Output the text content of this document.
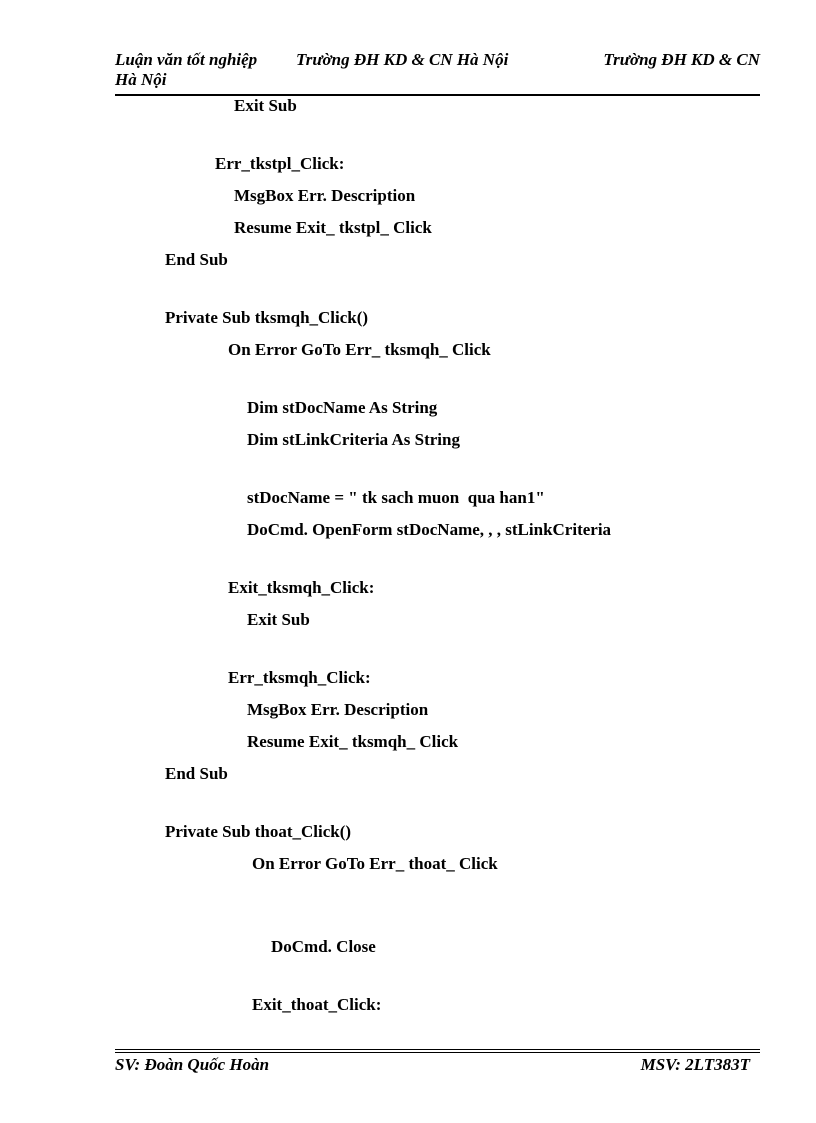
Luận văn tốt nghiệp Trường ĐH KD & CN Hà Nội	Trường ĐH KD & CN
Hà Nội
Exit Sub
Err_tkstpl_Click:
MsgBox Err. Description
Resume Exit_ tkstpl_ Click
End Sub
Private Sub tksmqh_Click()
On Error GoTo Err_ tksmqh_ Click
Dim stDocName As String
Dim stLinkCriteria As String
stDocName = " tk sach muon  qua han1"
DoCmd. OpenForm stDocName, , , stLinkCriteria
Exit_tksmqh_Click:
Exit Sub
Err_tksmqh_Click:
MsgBox Err. Description
Resume Exit_ tksmqh_ Click
End Sub
Private Sub thoat_Click()
On Error GoTo Err_ thoat_ Click
DoCmd. Close
Exit_thoat_Click:
SV: Đoàn Quốc Hoàn	MSV: 2LT383T
